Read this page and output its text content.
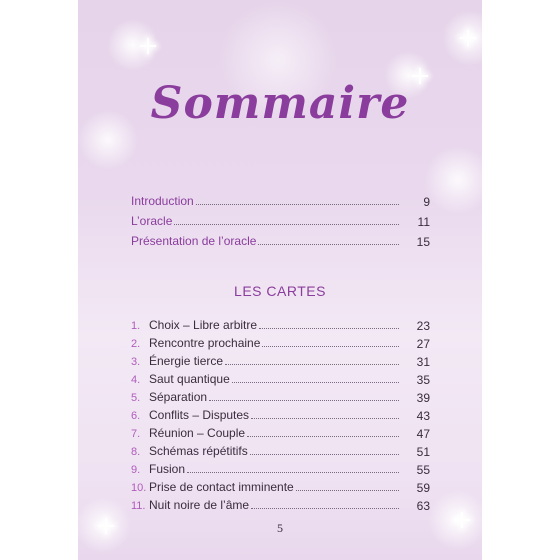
Sommaire
Introduction	9
L’oracle	11
Présentation de l’oracle	15
LES CARTES
1. Choix – Libre arbitre	23
2. Rencontre prochaine	27
3. Énergie tierce	31
4. Saut quantique	35
5. Séparation	39
6. Conflits – Disputes	43
7. Réunion – Couple	47
8. Schémas répétitifs	51
9. Fusion	55
10. Prise de contact imminente	59
11. Nuit noire de l’âme	63
5
